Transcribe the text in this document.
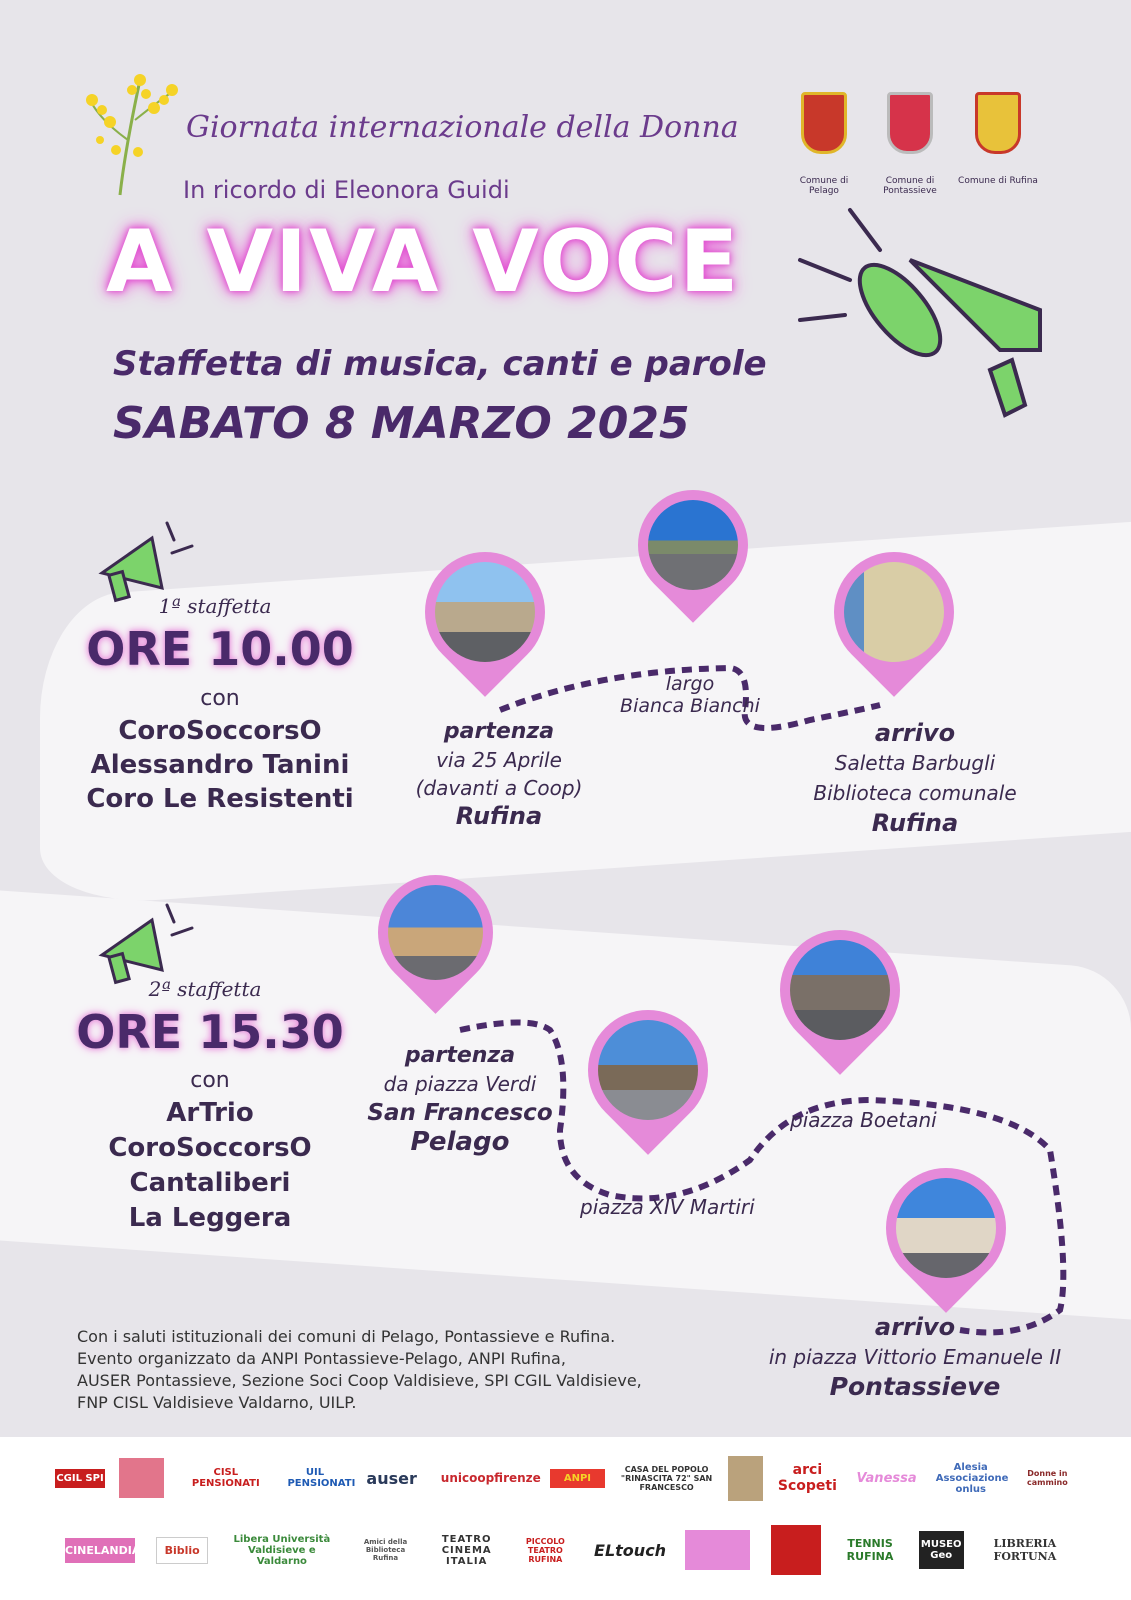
Giornata internazionale della Donna
In ricordo di Eleonora Guidi
A VIVA VOCE
Staffetta di musica, canti e parole
SABATO 8 MARZO 2025
Comune di Pelago
Comune di Pontassieve
Comune di Rufina
1ª staffetta
ORE 10.00
con
CoroSoccorsO
Alessandro Tanini
Coro Le Resistenti
largo
Bianca Bianchi
partenza
via 25 Aprile
(davanti a Coop)
Rufina
arrivo
Saletta Barbugli
Biblioteca comunale
Rufina
2ª staffetta
ORE 15.30
con
ArTrio
CoroSoccorsO
Cantaliberi
La Leggera
partenza
da piazza Verdi
San Francesco
Pelago
piazza Boetani
piazza XIV Martiri
arrivo
in piazza Vittorio Emanuele II
Pontassieve
Con i saluti istituzionali dei comuni di Pelago, Pontassieve e Rufina.
Evento organizzato da ANPI Pontassieve-Pelago, ANPI Rufina,
AUSER Pontassieve, Sezione Soci Coop Valdisieve, SPI CGIL Valdisieve,
FNP CISL Valdisieve Valdarno, UILP.
CGIL SPI	CISL PENSIONATI
UIL PENSIONATI auser	unicoopfirenze	ANPI
CASA DEL POPOLO "RINASCITA 72" SAN FRANCESCO
arci Scopeti	Vanessa
Alesia Associazione onlus
Donne in cammino
CINELANDIA	Biblio
Libera Università Valdisieve e Valdarno
Amici della Biblioteca Rufina
TEATRO CINEMA ITALIA
PICCOLO TEATRO RUFINA	ELtouch	TENNIS RUFINA
MUSEO Geo
LIBRERIA FORTUNA
